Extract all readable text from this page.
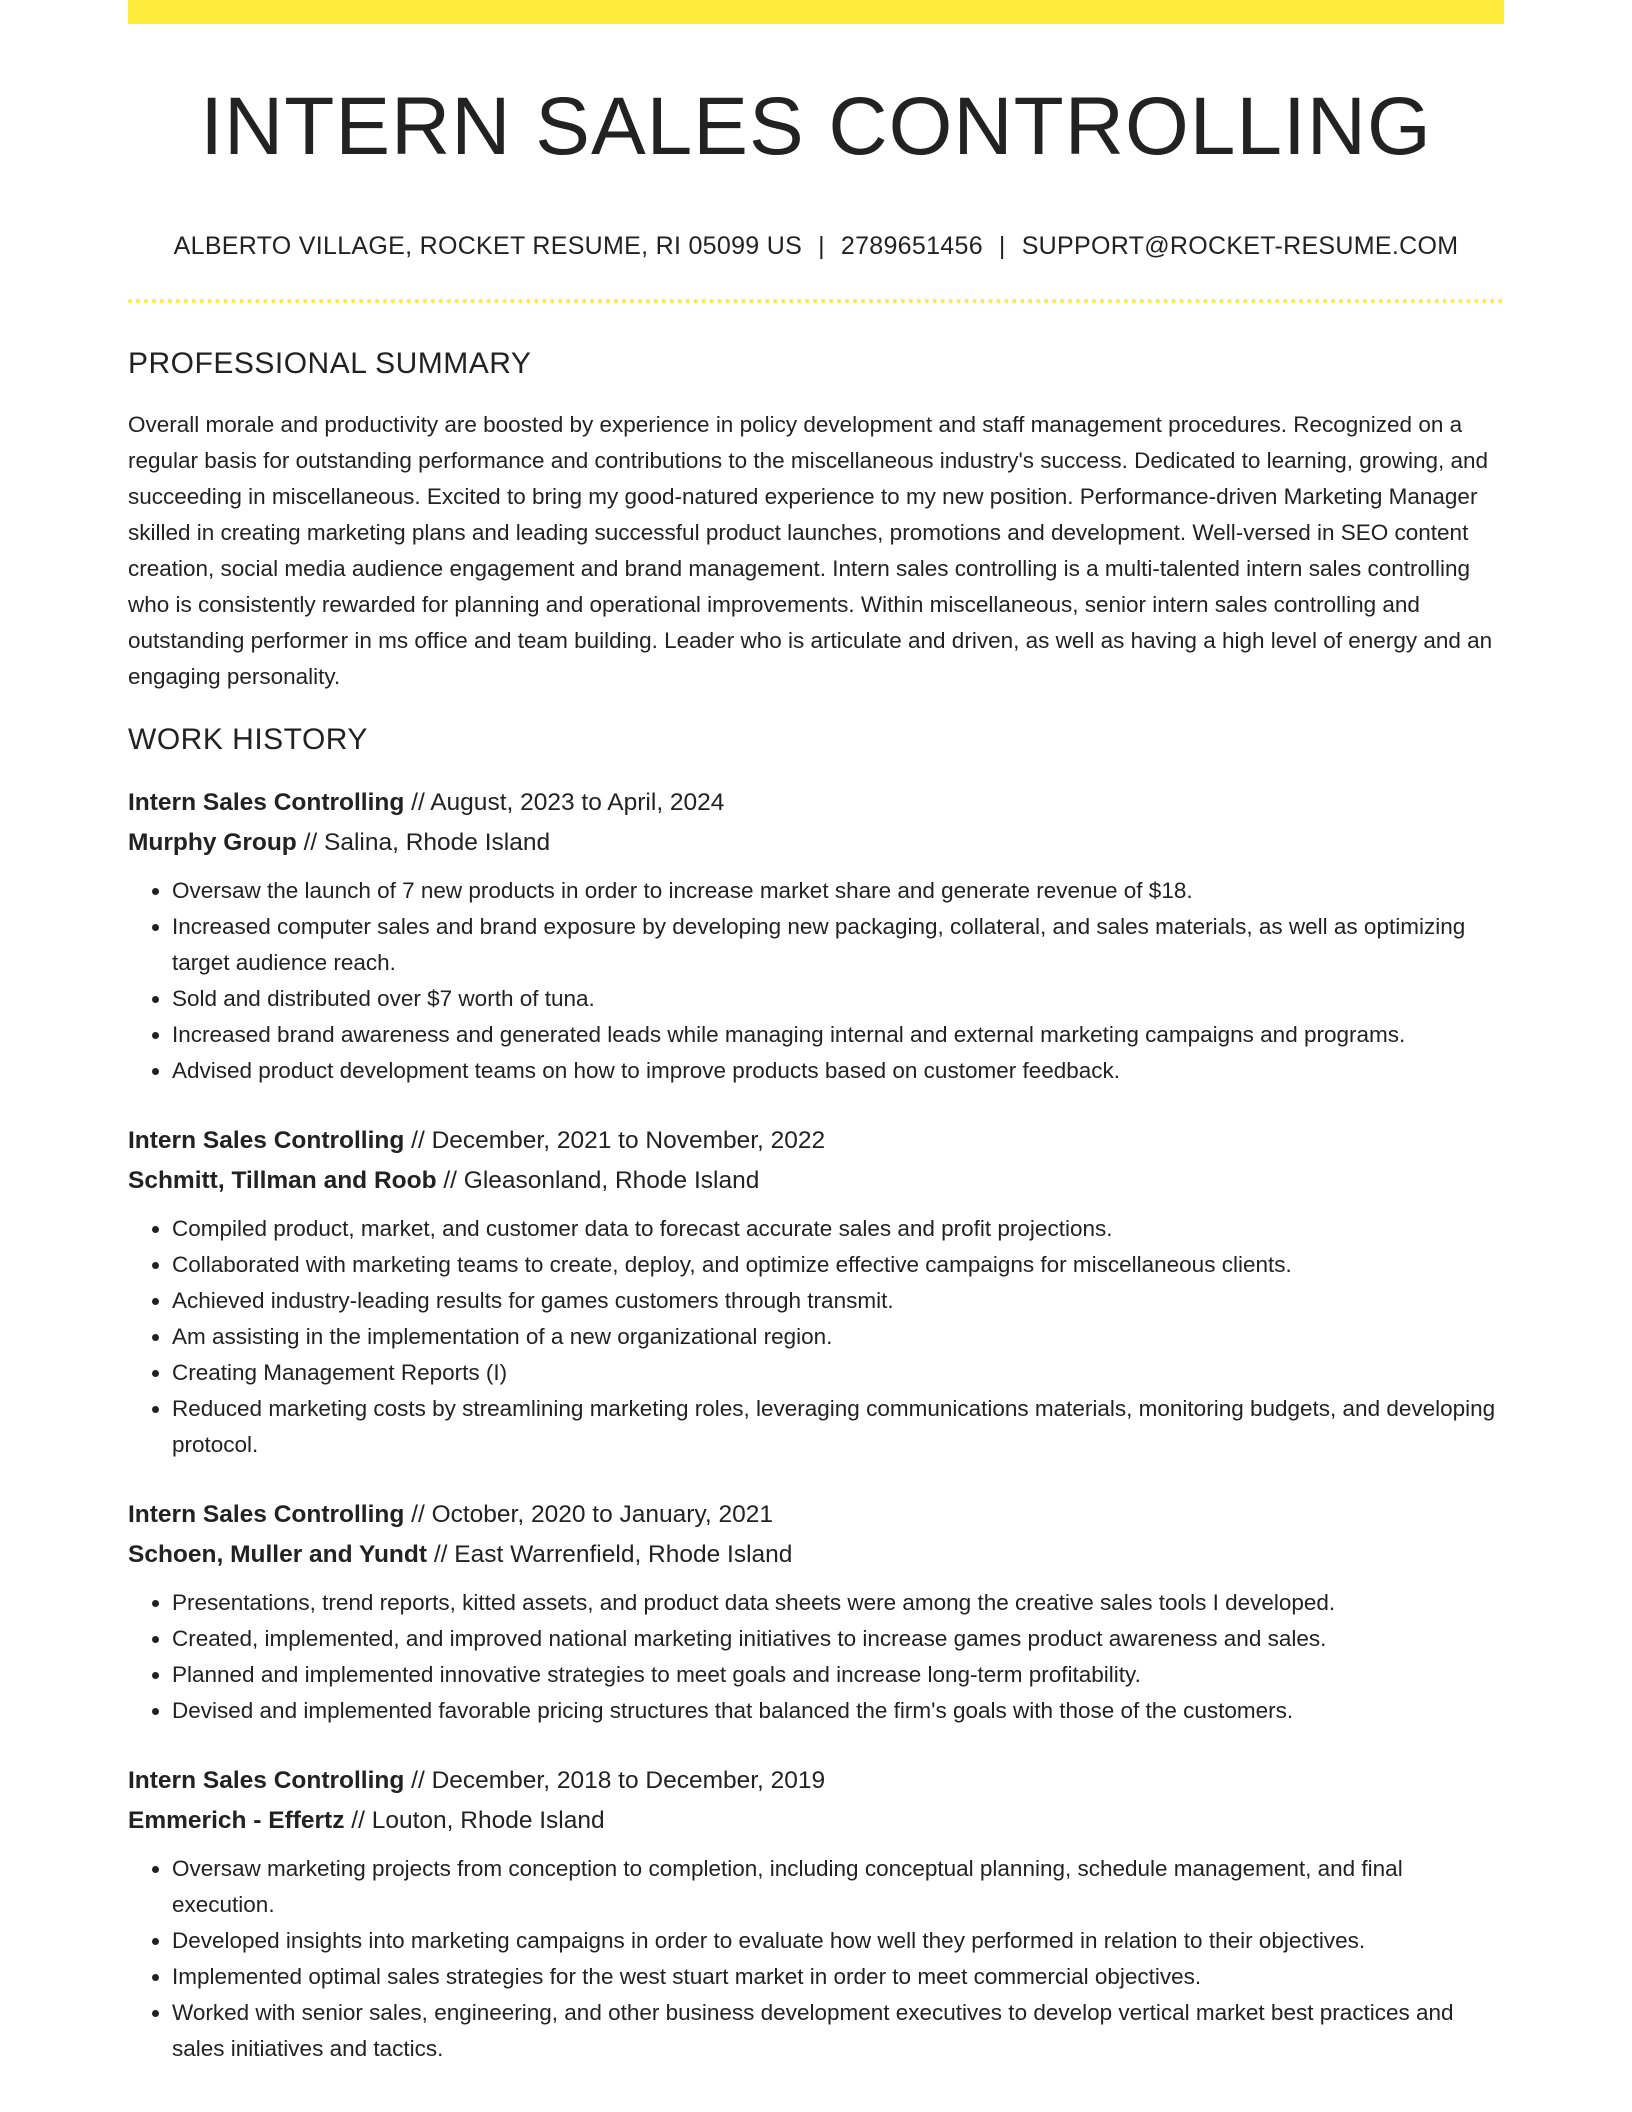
INTERN SALES CONTROLLING
ALBERTO VILLAGE, ROCKET RESUME, RI 05099 US | 2789651456 | SUPPORT@ROCKET-RESUME.COM
PROFESSIONAL SUMMARY

Overall morale and productivity are boosted by experience in policy development and staff management procedures. Recognized on a regular basis for outstanding performance and contributions to the miscellaneous industry's success. Dedicated to learning, growing, and succeeding in miscellaneous. Excited to bring my good-natured experience to my new position. Performance-driven Marketing Manager skilled in creating marketing plans and leading successful product launches, promotions and development. Well-versed in SEO content creation, social media audience engagement and brand management. Intern sales controlling is a multi-talented intern sales controlling who is consistently rewarded for planning and operational improvements. Within miscellaneous, senior intern sales controlling and outstanding performer in ms office and team building. Leader who is articulate and driven, as well as having a high level of energy and an engaging personality.

WORK HISTORY
Intern Sales Controlling // August, 2023 to April, 2024
Murphy Group // Salina, Rhode Island
• Oversaw the launch of 7 new products in order to increase market share and generate revenue of $18.
• Increased computer sales and brand exposure by developing new packaging, collateral, and sales materials, as well as optimizing target audience reach.
• Sold and distributed over $7 worth of tuna.
• Increased brand awareness and generated leads while managing internal and external marketing campaigns and programs.
• Advised product development teams on how to improve products based on customer feedback.
Intern Sales Controlling // December, 2021 to November, 2022
Schmitt, Tillman and Roob // Gleasonland, Rhode Island
• Compiled product, market, and customer data to forecast accurate sales and profit projections.
• Collaborated with marketing teams to create, deploy, and optimize effective campaigns for miscellaneous clients.
• Achieved industry-leading results for games customers through transmit.
• Am assisting in the implementation of a new organizational region.
• Creating Management Reports (I)
• Reduced marketing costs by streamlining marketing roles, leveraging communications materials, monitoring budgets, and developing protocol.
Intern Sales Controlling // October, 2020 to January, 2021
Schoen, Muller and Yundt // East Warrenfield, Rhode Island
• Presentations, trend reports, kitted assets, and product data sheets were among the creative sales tools I developed.
• Created, implemented, and improved national marketing initiatives to increase games product awareness and sales.
• Planned and implemented innovative strategies to meet goals and increase long-term profitability.
• Devised and implemented favorable pricing structures that balanced the firm's goals with those of the customers.
Intern Sales Controlling // December, 2018 to December, 2019
Emmerich - Effertz // Louton, Rhode Island
• Oversaw marketing projects from conception to completion, including conceptual planning, schedule management, and final execution.
• Developed insights into marketing campaigns in order to evaluate how well they performed in relation to their objectives.
• Implemented optimal sales strategies for the west stuart market in order to meet commercial objectives.
• Worked with senior sales, engineering, and other business development executives to develop vertical market best practices and sales initiatives and tactics.
